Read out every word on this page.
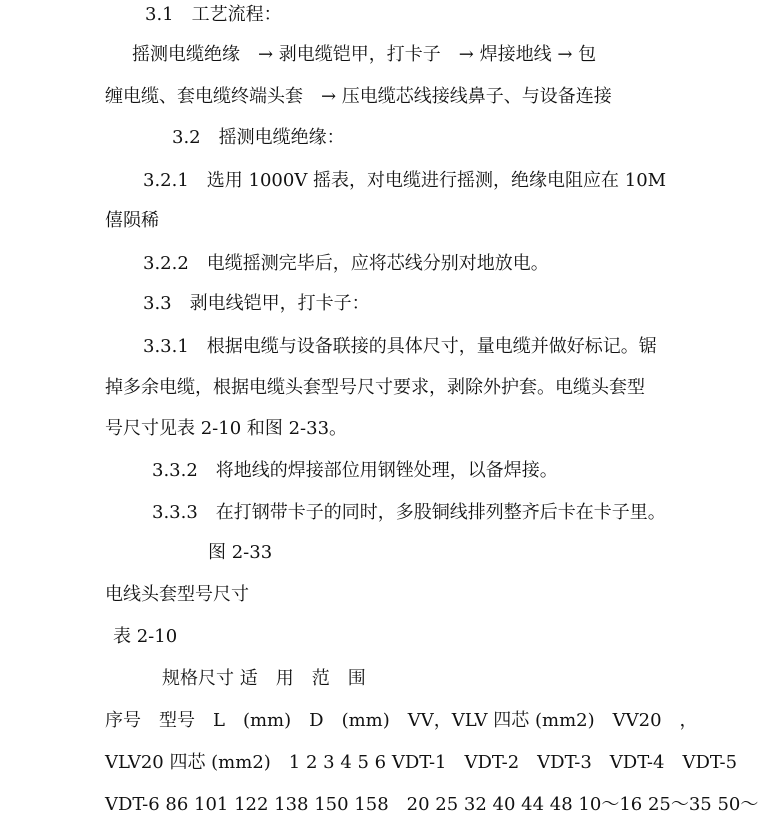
3.1　工艺流程：
摇测电缆绝缘　→ 剥电缆铠甲，打卡子　→ 焊接地线 → 包
缠电缆、套电缆终端头套　→ 压电缆芯线接线鼻子、与设备连接
3.2　摇测电缆绝缘：
3.2.1　选用 1000V 摇表，对电缆进行摇测，绝缘电阻应在 10M
僖陨稀
3.2.2　电缆摇测完毕后，应将芯线分别对地放电。
3.3　剥电线铠甲，打卡子：
3.3.1　根据电缆与设备联接的具体尺寸，量电缆并做好标记。锯
掉多余电缆，根据电缆头套型号尺寸要求，剥除外护套。电缆头套型
号尺寸见表 2-10 和图 2-33。
3.3.2　将地线的焊接部位用钢锉处理，以备焊接。
3.3.3　在打钢带卡子的同时，多股铜线排列整齐后卡在卡子里。
图 2-33
电线头套型号尺寸
表 2-10
规格尺寸 适　用　范　围
序号　型号　L　(mm)　D　(mm)　VV，VLV 四芯 (mm2)　VV20　，
VLV20 四芯 (mm2)　1 2 3 4 5 6 VDT-1　VDT-2　VDT-3　VDT-4　VDT-5
VDT-6 86 101 122 138 150 158　20 25 32 40 44 48 10～16 25～35 50～
